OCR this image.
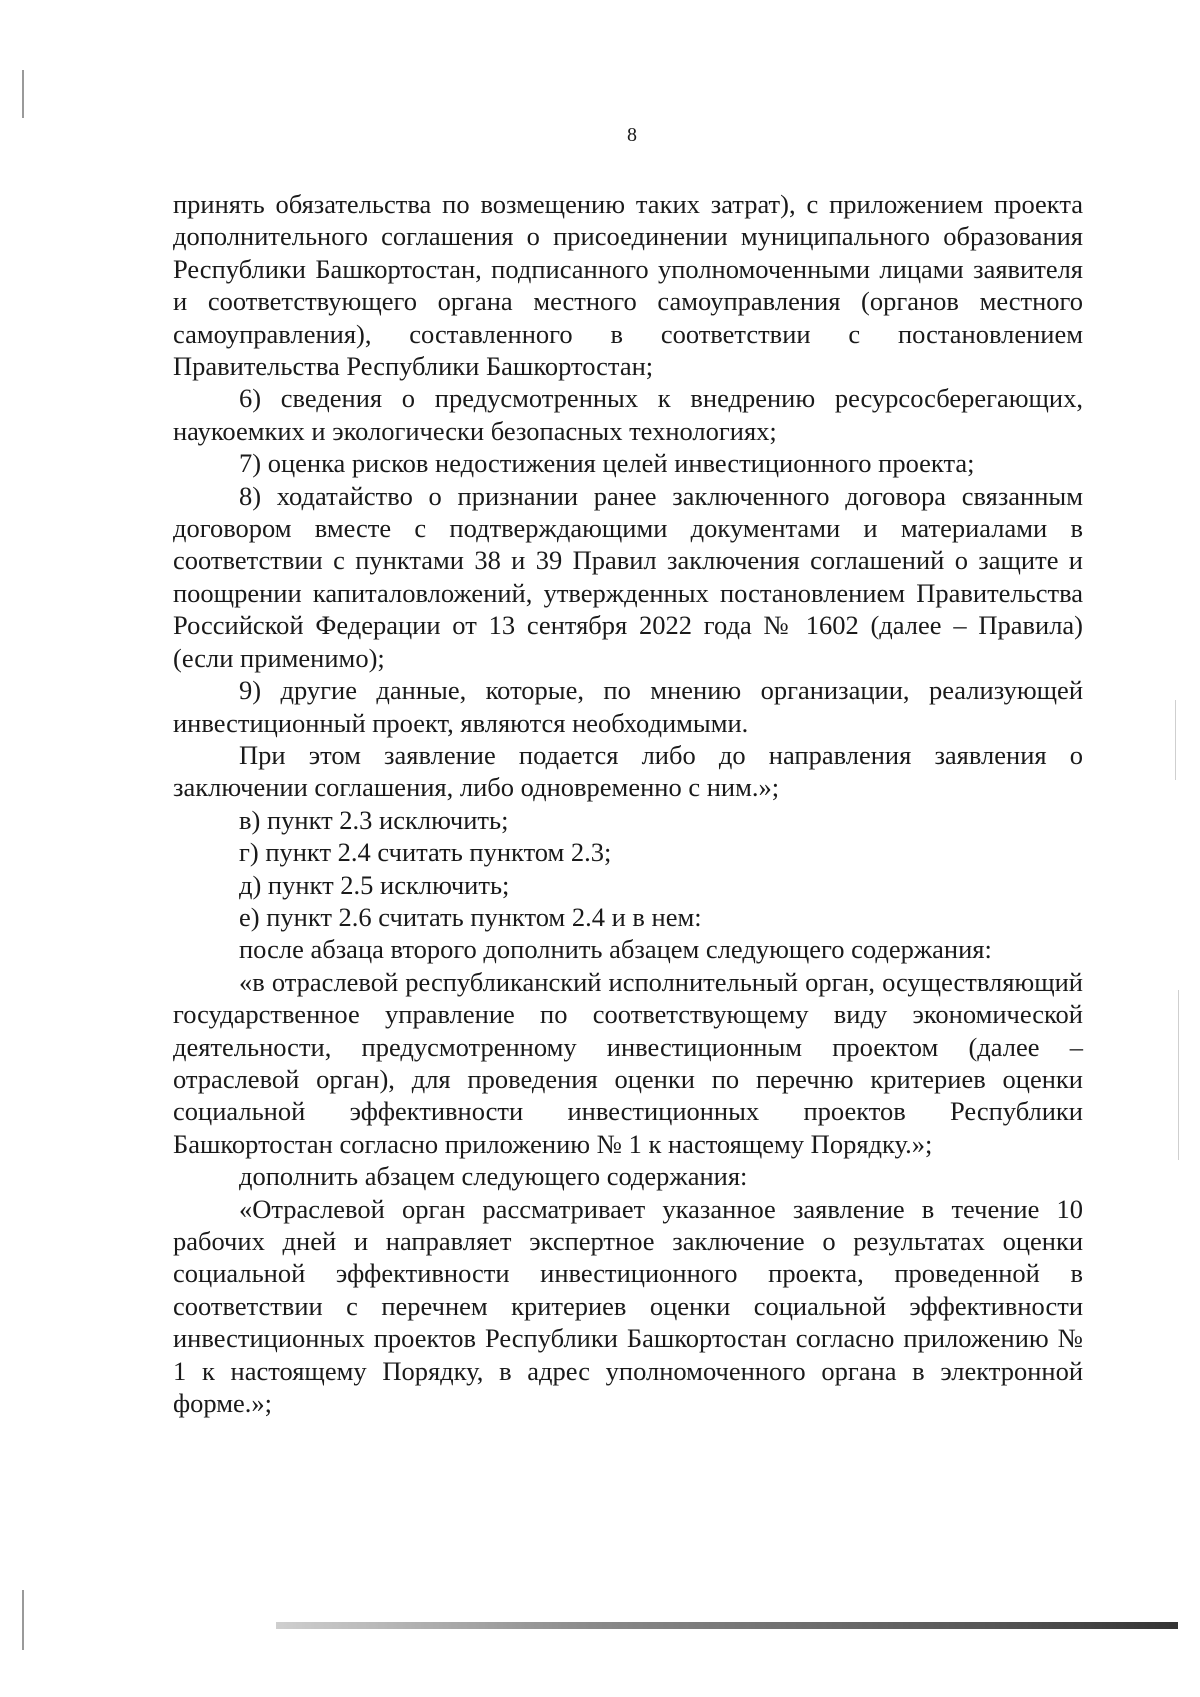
8

принять обязательства по возмещению таких затрат), с приложением проекта дополнительного соглашения о присоединении муниципального образования Республики Башкортостан, подписанного уполномоченными лицами заявителя и соответствующего органа местного самоуправления (органов местного самоуправления), составленного в соответствии с постановлением Правительства Республики Башкортостан;

6) сведения о предусмотренных к внедрению ресурсосберегающих, наукоемких и экологически безопасных технологиях;

7) оценка рисков недостижения целей инвестиционного проекта;

8) ходатайство о признании ранее заключенного договора связанным договором вместе с подтверждающими документами и материалами в соответствии с пунктами 38 и 39 Правил заключения соглашений о защите и поощрении капиталовложений, утвержденных постановлением Правительства Российской Федерации от 13 сентября 2022 года № 1602 (далее – Правила) (если применимо);

9) другие данные, которые, по мнению организации, реализующей инвестиционный проект, являются необходимыми.

При этом заявление подается либо до направления заявления о заключении соглашения, либо одновременно с ним.»;

в) пункт 2.3 исключить;

г) пункт 2.4 считать пунктом 2.3;

д) пункт 2.5 исключить;

е) пункт 2.6 считать пунктом 2.4 и в нем:

после абзаца второго дополнить абзацем следующего содержания:

«в отраслевой республиканский исполнительный орган, осуществляющий государственное управление по соответствующему виду экономической деятельности, предусмотренному инвестиционным проектом (далее – отраслевой орган), для проведения оценки по перечню критериев оценки социальной эффективности инвестиционных проектов Республики Башкортостан согласно приложению № 1 к настоящему Порядку.»;

дополнить абзацем следующего содержания:

«Отраслевой орган рассматривает указанное заявление в течение 10 рабочих дней и направляет экспертное заключение о результатах оценки социальной эффективности инвестиционного проекта, проведенной в соответствии с перечнем критериев оценки социальной эффективности инвестиционных проектов Республики Башкортостан согласно приложению № 1 к настоящему Порядку, в адрес уполномоченного органа в электронной форме.»;
